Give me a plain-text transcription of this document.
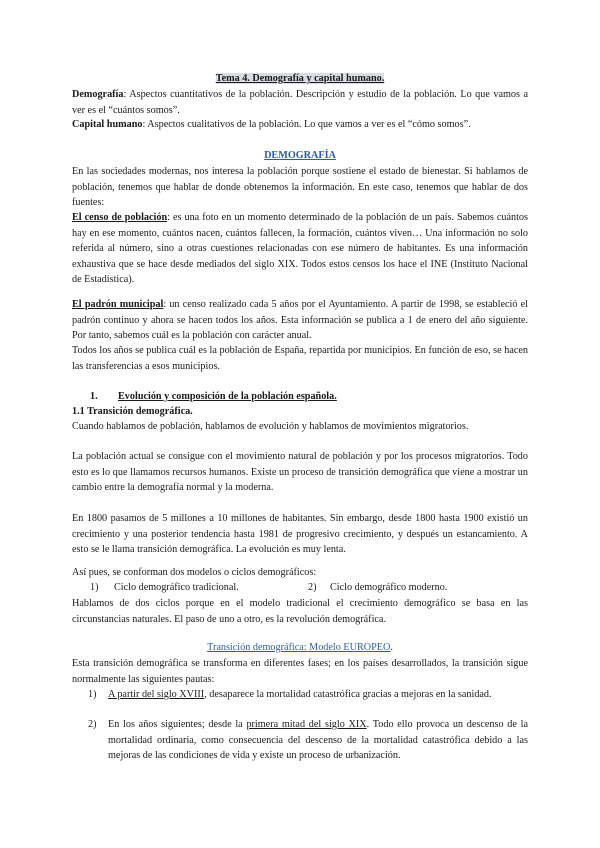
Tema 4. Demografía y capital humano.
Demografía: Aspectos cuantitativos de la población. Descripción y estudio de la población. Lo que vamos a ver es el “cuántos somos”.
Capital humano: Aspectos cualitativos de la población. Lo que vamos a ver es el “cómo somos”.
DEMOGRAFÍA
En las sociedades modernas, nos interesa la población porque sostiene el estado de bienestar. Si hablamos de población, tenemos que hablar de donde obtenemos la información. En este caso, tenemos que hablar de dos fuentes:
El censo de población: es una foto en un momento determinado de la población de un país. Sabemos cuántos hay en ese momento, cuántos nacen, cuántos fallecen, la formación, cuántos viven… Una información no solo referida al número, sino a otras cuestiones relacionadas con ese número de habitantes. Es una información exhaustiva que se hace desde mediados del siglo XIX. Todos estos censos los hace el INE (Instituto Nacional de Estadística).
El padrón municipal: un censo realizado cada 5 años por el Ayuntamiento. A partir de 1998, se estableció el padrón continuo y ahora se hacen todos los años. Esta información se publica a 1 de enero del año siguiente. Por tanto, sabemos cuál es la población con carácter anual.
Todos los años se publica cuál es la población de España, repartida por municipios. En función de eso, se hacen las transferencias a esos municipios.
1. Evolución y composición de la población española.
1.1 Transición demográfica.
Cuando hablamos de población, hablamos de evolución y hablamos de movimientos migratorios.
La población actual se consigue con el movimiento natural de población y por los procesos migratorios. Todo esto es lo que llamamos recursos humanos. Existe un proceso de transición demográfica que viene a mostrar un cambio entre la demografía normal y la moderna.
En 1800 pasamos de 5 millones a 10 millones de habitantes. Sin embargo, desde 1800 hasta 1900 existió un crecimiento y una posterior tendencia hasta 1981 de progresivo crecimiento, y después un estancamiento. A esto se le llama transición demográfica. La evolución es muy lenta.
Así pues, se conforman dos modelos o ciclos demográficos:
1) Ciclo demográfico tradicional.	2) Ciclo demográfico moderno.
Hablamos de dos ciclos porque en el modelo tradicional el crecimiento demográfico se basa en las circunstancias naturales. El paso de uno a otro, es la revolución demográfica.
Transición demográfica: Modelo EUROPEO.
Esta transición demográfica se transforma en diferentes fases; en los países desarrollados, la transición sigue normalmente las siguientes pautas:
1) A partir del siglo XVIII, desaparece la mortalidad catastrófica gracias a mejoras en la sanidad.
2) En los años siguientes; desde la primera mitad del siglo XIX. Todo ello provoca un descenso de la mortalidad ordinaria, como consecuencia del descenso de la mortalidad catastrófica debido a las mejoras de las condiciones de vida y existe un proceso de urbanización.
